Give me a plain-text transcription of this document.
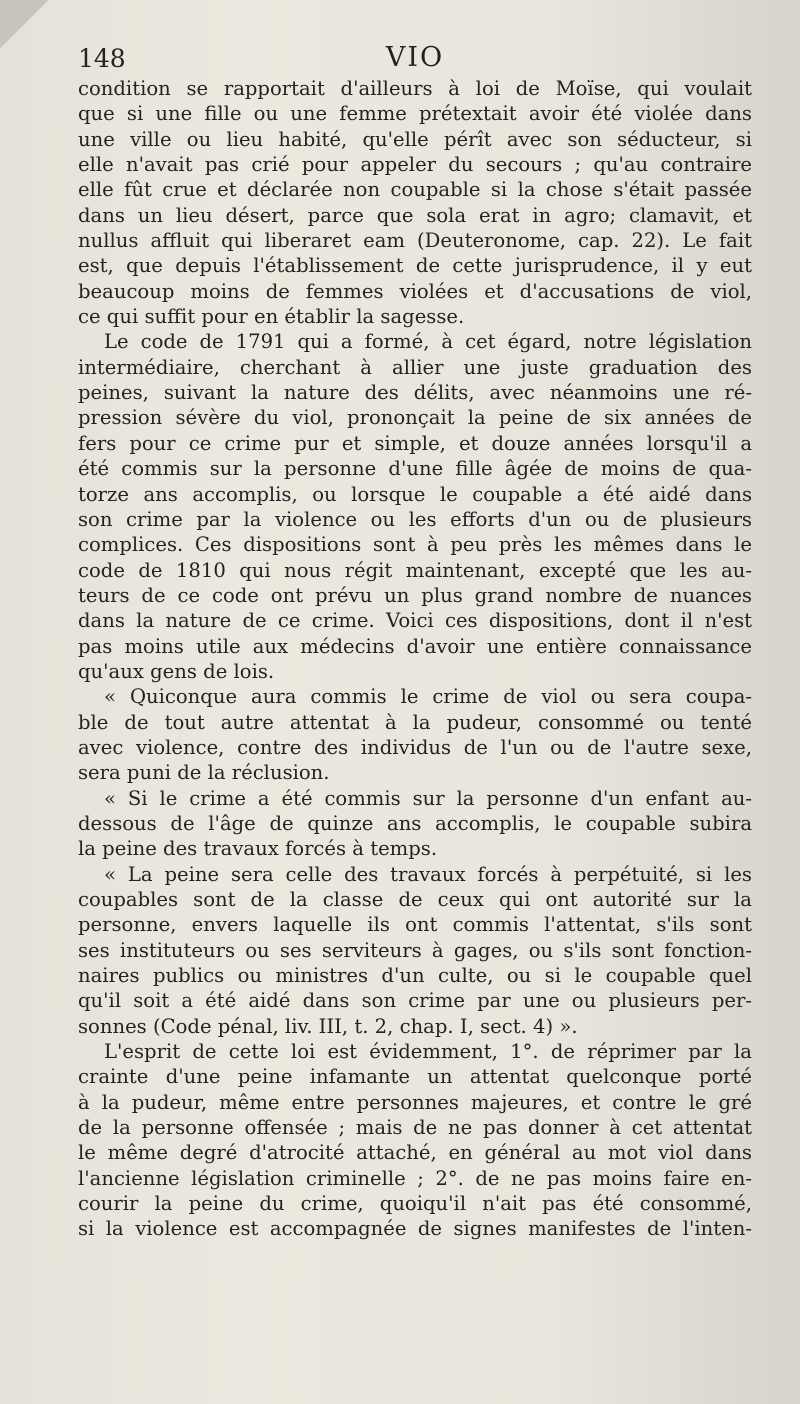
148	VIO
condition se rapportait d'ailleurs à loi de Moïse, qui voulait
que si une fille ou une femme prétextait avoir été violée dans
une ville ou lieu habité, qu'elle pérît avec son séducteur, si
elle n'avait pas crié pour appeler du secours ; qu'au contraire
elle fût crue et déclarée non coupable si la chose s'était passée
dans un lieu désert, parce que sola erat in agro; clamavit, et
nullus affluit qui liberaret eam (Deuteronome, cap. 22). Le fait
est, que depuis l'établissement de cette jurisprudence, il y eut
beaucoup moins de femmes violées et d'accusations de viol,
ce qui suffit pour en établir la sagesse.
Le code de 1791 qui a formé, à cet égard, notre législation
intermédiaire, cherchant à allier une juste graduation des
peines, suivant la nature des délits, avec néanmoins une ré-
pression sévère du viol, prononçait la peine de six années de
fers pour ce crime pur et simple, et douze années lorsqu'il a
été commis sur la personne d'une fille âgée de moins de qua-
torze ans accomplis, ou lorsque le coupable a été aidé dans
son crime par la violence ou les efforts d'un ou de plusieurs
complices. Ces dispositions sont à peu près les mêmes dans le
code de 1810 qui nous régit maintenant, excepté que les au-
teurs de ce code ont prévu un plus grand nombre de nuances
dans la nature de ce crime. Voici ces dispositions, dont il n'est
pas moins utile aux médecins d'avoir une entière connaissance
qu'aux gens de lois.
« Quiconque aura commis le crime de viol ou sera coupa-
ble de tout autre attentat à la pudeur, consommé ou tenté
avec violence, contre des individus de l'un ou de l'autre sexe,
sera puni de la réclusion.
« Si le crime a été commis sur la personne d'un enfant au-
dessous de l'âge de quinze ans accomplis, le coupable subira
la peine des travaux forcés à temps.
« La peine sera celle des travaux forcés à perpétuité, si les
coupables sont de la classe de ceux qui ont autorité sur la
personne, envers laquelle ils ont commis l'attentat, s'ils sont
ses instituteurs ou ses serviteurs à gages, ou s'ils sont fonction-
naires publics ou ministres d'un culte, ou si le coupable quel
qu'il soit a été aidé dans son crime par une ou plusieurs per-
sonnes (Code pénal, liv. III, t. 2, chap. I, sect. 4) ».
L'esprit de cette loi est évidemment, 1°. de réprimer par la
crainte d'une peine infamante un attentat quelconque porté
à la pudeur, même entre personnes majeures, et contre le gré
de la personne offensée ; mais de ne pas donner à cet attentat
le même degré d'atrocité attaché, en général au mot viol dans
l'ancienne législation criminelle ; 2°. de ne pas moins faire en-
courir la peine du crime, quoiqu'il n'ait pas été consommé,
si la violence est accompagnée de signes manifestes de l'inten-
